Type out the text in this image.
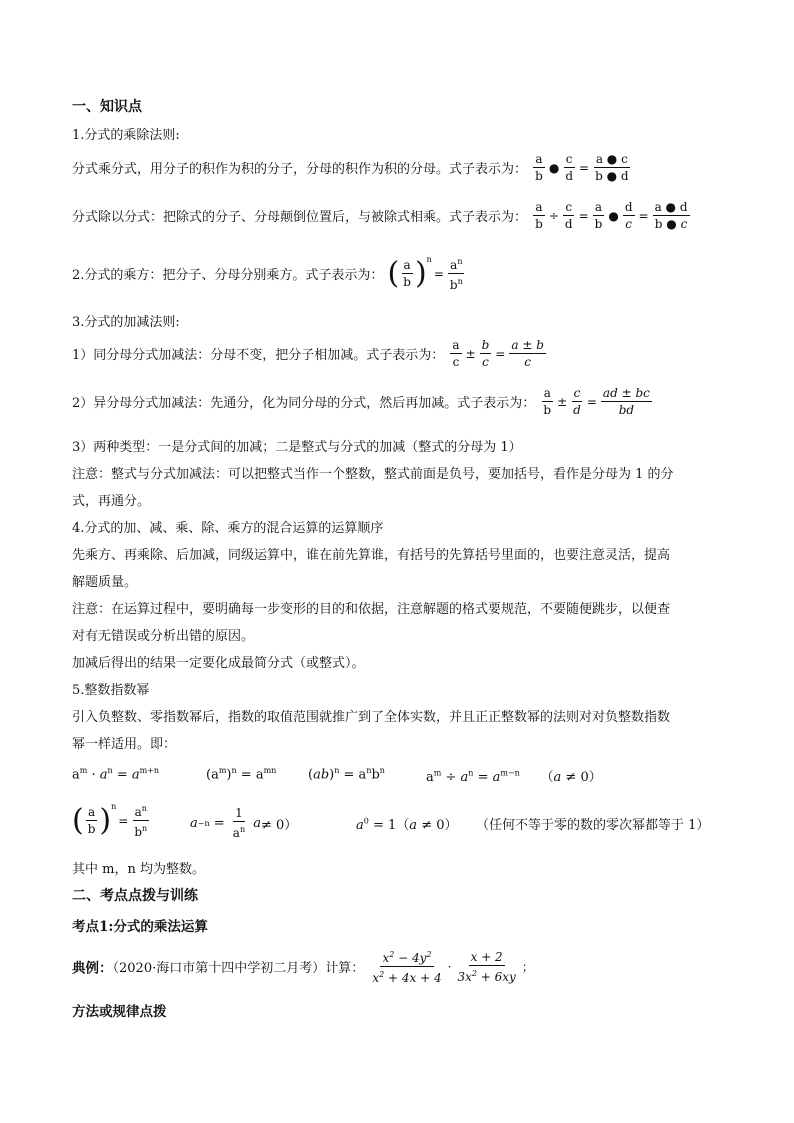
一、知识点
1.分式的乘除法则:
分式乘分式，用分子的积作为积的分子，分母的积作为积的分母。式子表示为： $\frac{a}{b}$ ● $\frac{c}{d} = \frac{a ● c}{b ● d}$
分式除以分式：把除式的分子、分母颠倒位置后，与被除式相乘。式子表示为： $\frac{a}{b} \div \frac{c}{d} = \frac{a}{b}$ ● $\frac{d}{c} = \frac{a ● d}{b ● c}$
2.分式的乘方：把分子、分母分别乘方。式子表示为： ( $\frac{a}{b} )^n$
= $\frac{a^n}{b^n}$
3.分式的加减法则:
1）同分母分式加减法：分母不变，把分子相加减。式子表示为： $\frac{a}{c} \pm \frac{b}{c} = \frac{a \pm b}{c}$
2）异分母分式加减法：先通分，化为同分母的分式，然后再加减。式子表示为： $\frac{a}{b} \pm \frac{c}{d} = \frac{ad \pm bc}{bd}$
3）两种类型：一是分式间的加减；二是整式与分式的加减（整式的分母为 1）
注意：整式与分式加减法：可以把整式当作一个整数，整式前面是负号，要加括号，看作是分母为 1 的分
式，再通分。
4.分式的加、减、乘、除、乘方的混合运算的运算顺序
先乘方、再乘除、后加减，同级运算中，谁在前先算谁，有括号的先算括号里面的，也要注意灵活，提高
解题质量。
注意：在运算过程中，要明确每一步变形的目的和依据，注意解题的格式要规范，不要随便跳步，以便查
对有无错误或分析出错的原因。
加减后得出的结果一定要化成最简分式（或整式）。
5.整数指数幂
引入负整数、零指数幂后，指数的取值范围就推广到了全体实数，并且正正整数幂的法则对对负整数指数
幂一样适用。即：
$a^m \cdot a^n = a^{m+n}$	$(a^m)^n = a^{mn}$ $(ab)^n = a^nb^n$	$a^m \div a^n = a^{m-n}$     （a ≠ 0）
( $\frac{a}{b} )^n$
= $\frac{a^n}{b^n}$	$a -n = \frac{1}{a^n}$
a ≠ 0）	$a^0 = 1(a \ne 0)$ （任何不等于零的数的零次幂都等于 1）
其中 m，n 均为整数。
二、考点点拨与训练
考点1:分式的乘法运算
典例：（2020·海口市第十四中学初二月考）计算： $\frac{x^2 - 4y^2}{x^2 + 4x + 4} \cdot \frac{x + 2}{3x^2 + 6xy}$ ；
方法或规律点拨
